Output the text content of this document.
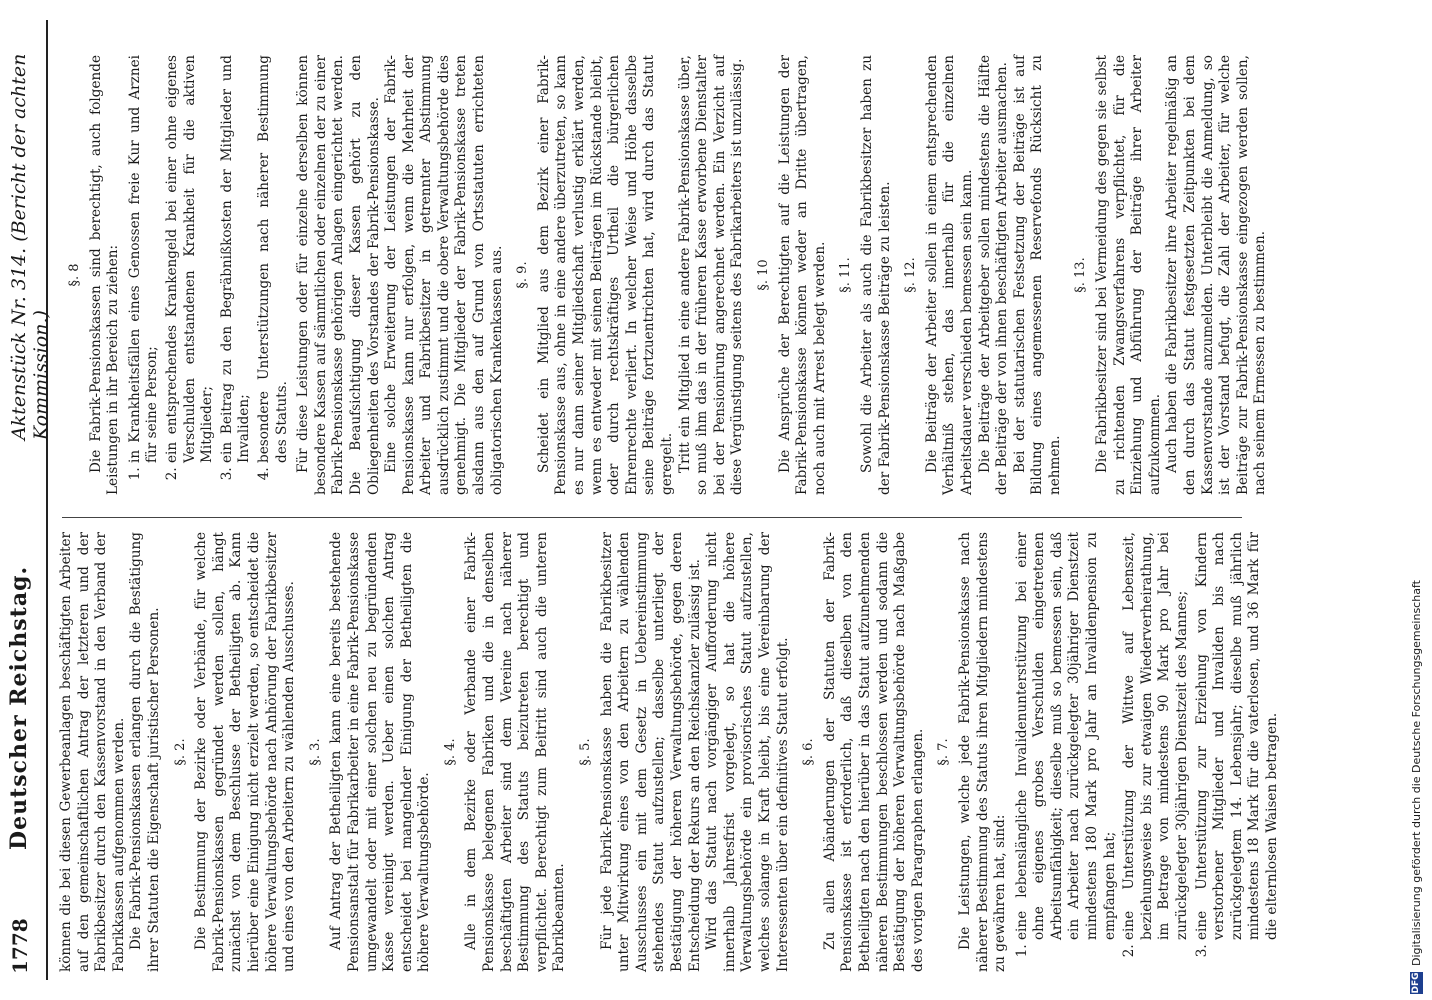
1778
Deutscher Reichstag.
Aktenstück Nr. 314. (Bericht der achten Kommission.)

können die bei diesen Gewerbeanlagen beschäftigten Arbeiter auf den gemeinschaftlichen Antrag der letzteren und der Fabrikbesitzer durch den Kassenvorstand in den Verband der Fabrikkassen aufgenommen werden. Die Fabrik-Pensionskassen erlangen durch die Bestätigung ihrer Statuten die Eigenschaft juristischer Personen. §. 2. Die Bestimmung der Bezirke oder Verbände, für welche Fabrik-Pensionskassen gegründet werden sollen, hängt zunächst von dem Beschlusse der Betheiligten ab. Kann hierüber eine Einigung nicht erzielt werden, so entscheidet die höhere Verwaltungsbehörde nach Anhörung der Fabrikbesitzer und eines von den Arbeitern zu wählenden Ausschusses. §. 3. Auf Antrag der Betheiligten kann eine bereits bestehende Pensionsanstalt für Fabrikarbeiter in eine Fabrik-Pensionskasse umgewandelt oder mit einer solchen neu zu begründenden Kasse vereinigt werden. Ueber einen solchen Antrag entscheidet bei mangelnder Einigung der Betheiligten die höhere Verwaltungsbehörde.

§. 4. Alle in dem Bezirke oder Verbande einer Fabrik-Pensionskasse belegenen Fabriken und die in denselben beschäftigten Arbeiter sind dem Vereine nach näherer Bestimmung des Statuts beizutreten berechtigt und verpflichtet. Berechtigt zum Beitritt sind auch die unteren Fabrikbeamten.

§. 5. Für jede Fabrik-Pensionskasse haben die Fabrikbesitzer unter Mitwirkung eines von den Arbeitern zu wählenden Ausschusses ein mit dem Gesetz in Uebereinstimmung stehendes Statut aufzustellen; dasselbe unterliegt der Bestätigung der höheren Verwaltungsbehörde, gegen deren Entscheidung der Rekurs an den Reichskanzler zulässig ist. Wird das Statut nach vorgängiger Aufforderung nicht innerhalb Jahresfrist vorgelegt, so hat die höhere Verwaltungsbehörde ein provisorisches Statut aufzustellen, welches solange in Kraft bleibt, bis eine Vereinbarung der Interessenten über ein definitives Statut erfolgt. §. 6. Zu allen Abänderungen der Statuten der Fabrik-Pensionskasse ist erforderlich, daß dieselben von den Betheiligten nach den hierüber in das Statut aufzunehmenden näheren Bestimmungen beschlossen werden und sodann die Bestätigung der höheren Verwaltungsbehörde nach Maßgabe des vorigen Paragraphen erlangen. §. 7. Die Leistungen, welche jede Fabrik-Pensionskasse nach näherer Bestimmung des Statuts ihren Mitgliedern mindestens zu gewähren hat, sind: 1. eine lebenslängliche Invalidenunterstützung bei einer ohne eigenes grobes Verschulden eingetretenen Arbeitsunfähigkeit; dieselbe muß so bemessen sein, daß ein Arbeiter nach zurückgelegter 30jähriger Dienstzeit mindestens 180 Mark pro Jahr an Invalidenpension zu empfangen hat; 2. eine Unterstützung der Wittwe auf Lebenszeit, beziehungsweise bis zur etwaigen Wiederverheirathung, im Betrage von mindestens 90 Mark pro Jahr bei zurückgelegter 30jährigen Dienstzeit des Mannes; 3. eine Unterstützung zur Erziehung von Kindern verstorbener Mitglieder und Invaliden bis nach zurückgelegtem 14. Lebensjahr; dieselbe muß jährlich mindestens 18 Mark für die vaterlosen, und 36 Mark für die elternlosen Waisen betragen.
§. 8 Die Fabrik-Pensionskassen sind berechtigt, auch folgende Leistungen in ihr Bereich zu ziehen: 1. in Krankheitsfällen eines Genossen freie Kur und Arznei für seine Person; 2. ein entsprechendes Krankengeld bei einer ohne eigenes Verschulden entstandenen Krankheit für die aktiven Mitglieder; 3. ein Beitrag zu den Begräbnißkosten der Mitglieder und Invaliden; 4. besondere Unterstützungen nach näherer Bestimmung des Statuts. Für diese Leistungen oder für einzelne derselben können besondere Kassen auf sämmtlichen oder einzelnen der zu einer Fabrik-Pensionskasse gehörigen Anlagen eingerichtet werden. Die Beaufsichtigung dieser Kassen gehört zu den Obliegenheiten des Vorstandes der Fabrik-Pensionskasse. Eine solche Erweiterung der Leistungen der Fabrik-Pensionskasse kann nur erfolgen, wenn die Mehrheit der Arbeiter und Fabrikbesitzer in getrennter Abstimmung ausdrücklich zustimmt und die obere Verwaltungsbehörde dies genehmigt. Die Mitglieder der Fabrik-Pensionskasse treten alsdann aus den auf Grund von Ortsstatuten errichteten obligatorischen Krankenkassen aus. §. 9. Scheidet ein Mitglied aus dem Bezirk einer Fabrik-Pensionskasse aus, ohne in eine andere überzutreten, so kann es nur dann seiner Mitgliedschaft verlustig erklärt werden, wenn es entweder mit seinen Beiträgen im Rückstande bleibt, oder durch rechtskräftiges Urtheil die bürgerlichen Ehrenrechte verliert. In welcher Weise und Höhe dasselbe seine Beiträge fortzuentrichten hat, wird durch das Statut geregelt. Tritt ein Mitglied in eine andere Fabrik-Pensionskasse über, so muß ihm das in der früheren Kasse erworbene Dienstalter bei der Pensionirung angerechnet werden. Ein Verzicht auf diese Vergünstigung seitens des Fabrikarbeiters ist unzulässig. §. 10 Die Ansprüche der Berechtigten auf die Leistungen der Fabrik-Pensionskasse können weder an Dritte übertragen, noch auch mit Arrest belegt werden. §. 11. Sowohl die Arbeiter als auch die Fabrikbesitzer haben zu der Fabrik-Pensionskasse Beiträge zu leisten. §. 12. Die Beiträge der Arbeiter sollen in einem entsprechenden Verhältniß stehen, das innerhalb für die einzelnen Arbeitsdauer verschieden bemessen sein kann. Die Beiträge der Arbeitgeber sollen mindestens die Hälfte der Beiträge der von ihnen beschäftigten Arbeiter ausmachen. Bei der statutarischen Festsetzung der Beiträge ist auf Bildung eines angemessenen Reservefonds Rücksicht zu nehmen.

§. 13. Die Fabrikbesitzer sind bei Vermeidung des gegen sie selbst zu richtenden Zwangsverfahrens verpflichtet, für die Einziehung und Abführung der Beiträge ihrer Arbeiter aufzukommen. Auch haben die Fabrikbesitzer ihre Arbeiter regelmäßig an den durch das Statut festgesetzten Zeitpunkten bei dem Kassenvorstande anzumelden. Unterbleibt die Anmeldung, so ist der Vorstand befugt, die Zahl der Arbeiter, für welche Beiträge zur Fabrik-Pensionskasse eingezogen werden sollen, nach seinem Ermessen zu bestimmen.

DFG
Digitalisierung gefördert durch die Deutsche Forschungsgemeinschaft
